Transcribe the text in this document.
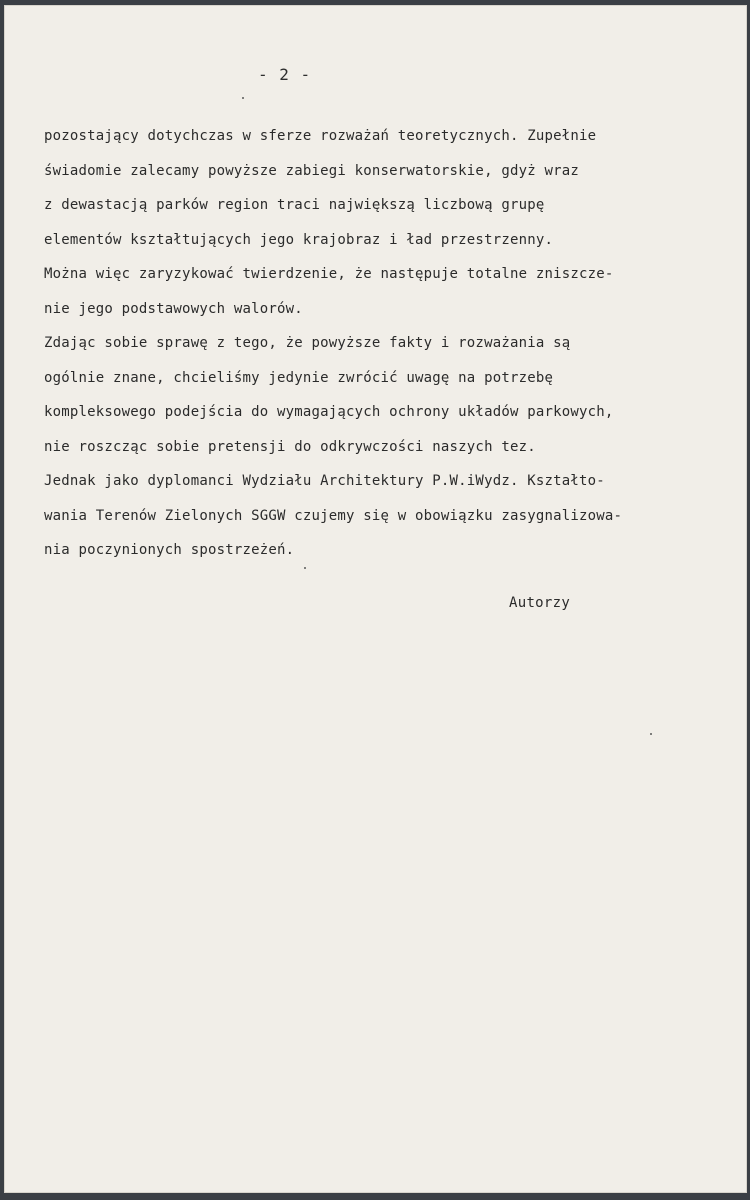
- 2 -
pozostający dotychczas w sferze rozważań teoretycznych. Zupełnie
świadomie zalecamy powyższe zabiegi konserwatorskie, gdyż wraz
z dewastacją parków region traci największą liczbową grupę
elementów kształtujących jego krajobraz i ład przestrzenny.
Można więc zaryzykować twierdzenie, że następuje totalne zniszcze-
nie jego podstawowych walorów.
Zdając sobie sprawę z tego, że powyższe fakty i rozważania są
ogólnie znane, chcieliśmy jedynie zwrócić uwagę na potrzebę
kompleksowego podejścia do wymagających ochrony układów parkowych,
nie roszcząc sobie pretensji do odkrywczości naszych tez.
Jednak jako dyplomanci Wydziału Architektury P.W.iWydz. Kształto-
wania Terenów Zielonych SGGW czujemy się w obowiązku zasygnalizowa-
nia poczynionych spostrzeżeń.
Autorzy
